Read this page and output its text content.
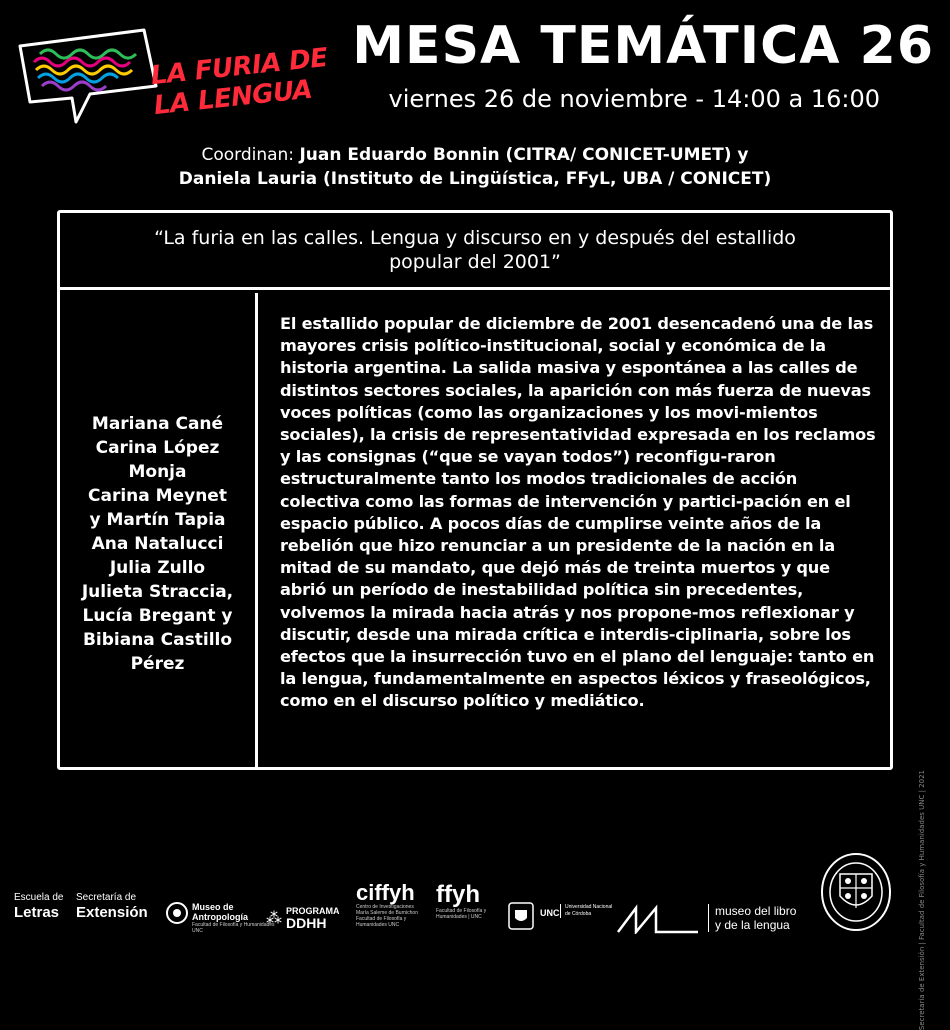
LA FURIA DE
LA LENGUA
MESA TEMÁTICA 26
viernes 26 de noviembre - 14:00 a 16:00
Coordinan: Juan Eduardo Bonnin (CITRA/ CONICET-UMET) y
Daniela Lauria (Instituto de Lingüística, FFyL, UBA / CONICET)
“La furia en las calles. Lengua y discurso en y después del estallido popular del 2001”
Mariana Cané
Carina López
Monja
Carina Meynet
y Martín Tapia
Ana Natalucci
Julia Zullo
Julieta Straccia,
Lucía Bregant y
Bibiana Castillo
Pérez

El estallido popular de diciembre de 2001 desencadenó una de las mayores crisis político-institucional, social y económica de la historia argentina. La salida masiva y espontánea a las calles de distintos sectores sociales, la aparición con más fuerza de nuevas voces políticas (como las organizaciones y los movi-mientos sociales), la crisis de representatividad expresada en los reclamos y las consignas (“que se vayan todos”) reconfigu-raron estructuralmente tanto los modos tradicionales de acción colectiva como las formas de intervención y partici-pación en el espacio público. A pocos días de cumplirse veinte años de la rebelión que hizo renunciar a un presidente de la nación en la mitad de su mandato, que dejó más de treinta muertos y que abrió un período de inestabilidad política sin precedentes, volvemos la mirada hacia atrás y nos propone-mos reflexionar y discutir, desde una mirada crítica e interdis-ciplinaria, sobre los efectos que la insurrección tuvo en el plano del lenguaje: tanto en la lengua, fundamentalmente en aspectos léxicos y fraseológicos, como en el discurso político y mediático.

Secretaría de Extensión | Facultad de Filosofía y Humanidades UNC | 2021
Escuela de
Letras
Secretaría de
Extensión	Museo de Antropología
Facultad de Filosofía y Humanidades UNC
⁂ PROGRAMA
DDHH
ciffyh
Centro de Investigaciones María Saleme de Burnichon
Facultad de Filosofía y Humanidades UNC
ffyh
Facultad de Filosofía y Humanidades | UNC	UNC
Universidad Nacional de Córdoba	museo del libro
y de la lengua
